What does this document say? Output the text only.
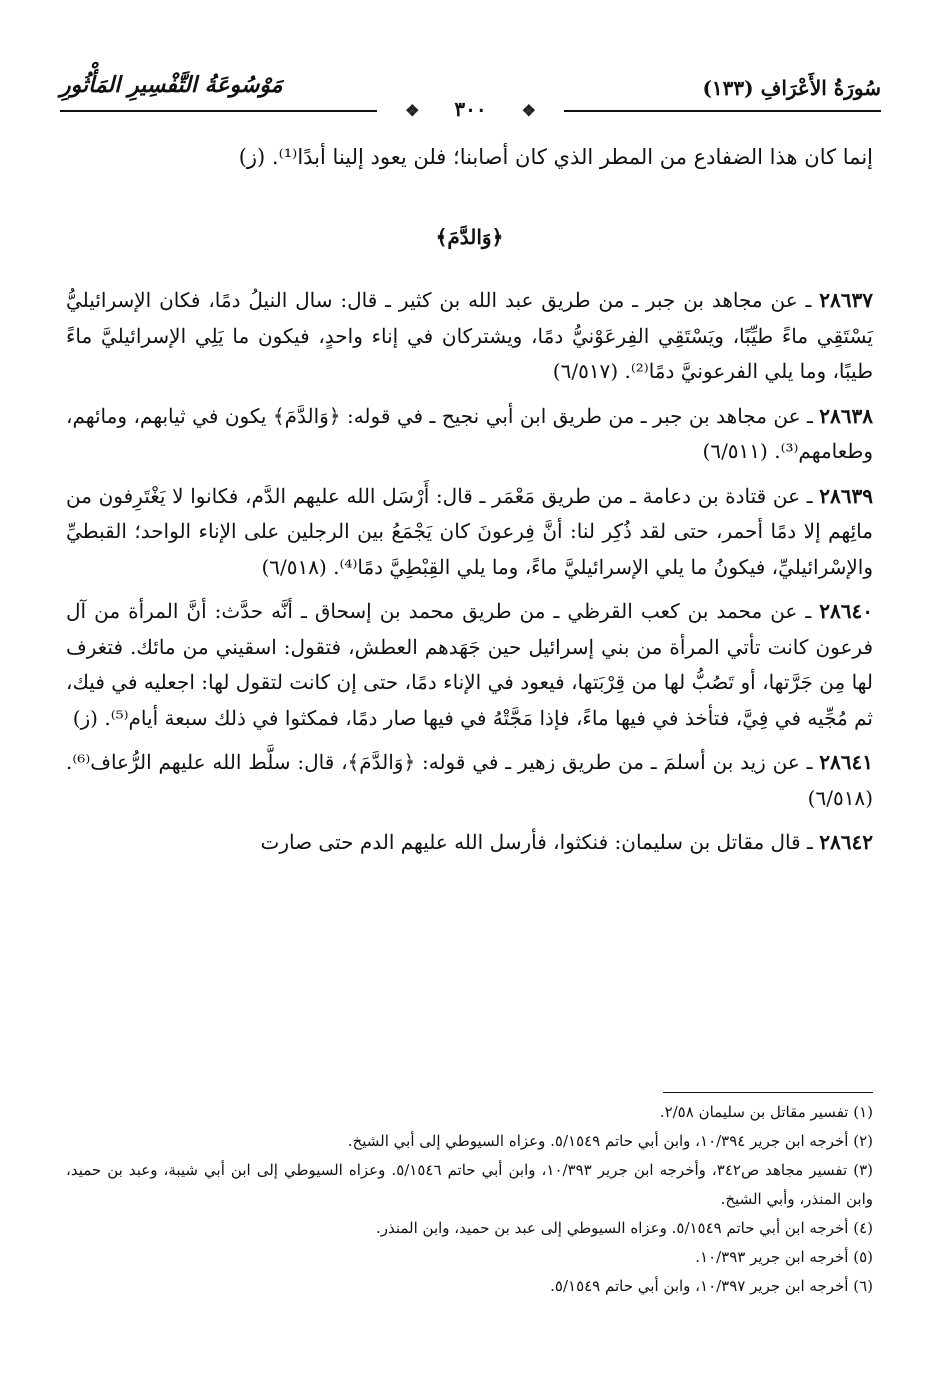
سُورَةُ الأَعْرَافِ (١٣٣)
مَوْسُوعَةُ التَّفْسِيرِ المَأْثُورِ
❖ ٣٠٠ ❖
إنما كان هذا الضفادع من المطر الذي كان أصابنا؛ فلن يعود إلينا أبدًا⁽¹⁾. (ز)
﴿وَالدَّمَ﴾
٢٨٦٣٧ ـ عن مجاهد بن جبر ـ من طريق عبد الله بن كثير ـ قال: سال النيلُ دمًا، فكان الإسرائيليُّ يَسْتَقِي ماءً طيِّبًا، ويَسْتَقِي الفِرعَوْنيُّ دمًا، ويشتركان في إناء واحدٍ، فيكون ما يَلِي الإسرائيليَّ ماءً طيبًا، وما يلي الفرعونيَّ دمًا⁽²⁾. (٦/٥١٧)
٢٨٦٣٨ ـ عن مجاهد بن جبر ـ من طريق ابن أبي نجيح ـ في قوله: ﴿وَالدَّمَ﴾ يكون في ثيابهم، ومائهم، وطعامهم⁽³⁾. (٦/٥١١)
٢٨٦٣٩ ـ عن قتادة بن دعامة ـ من طريق مَعْمَر ـ قال: أَرْسَل الله عليهم الدَّم، فكانوا لا يَغْتَرِفون من مائِهم إلا دمًا أحمر، حتى لقد ذُكِر لنا: أنَّ فِرعونَ كان يَجْمَعُ بين الرجلين على الإناء الواحد؛ القبطيِّ والإسْرائيليِّ، فيكونُ ما يلي الإسرائيليَّ ماءً، وما يلي القِبْطِيَّ دمًا⁽⁴⁾. (٦/٥١٨)
٢٨٦٤٠ ـ عن محمد بن كعب القرظي ـ من طريق محمد بن إسحاق ـ أنَّه حدَّث: أنَّ المرأة من آل فرعون كانت تأتي المرأة من بني إسرائيل حين جَهَدهم العطش، فتقول: اسقيني من مائك. فتغرف لها مِن جَرَّتها، أو تَصُبُّ لها من قِرْبَتها، فيعود في الإناء دمًا، حتى إن كانت لتقول لها: اجعليه في فيك، ثم مُجِّيه في فِيَّ، فتأخذ في فيها ماءً، فإذا مَجَّتْهُ في فيها صار دمًا، فمكثوا في ذلك سبعة أيام⁽⁵⁾. (ز)
٢٨٦٤١ ـ عن زيد بن أسلمَ ـ من طريق زهير ـ في قوله: ﴿وَالدَّمَ﴾، قال: سلَّط الله عليهم الرُّعاف⁽⁶⁾. (٦/٥١٨)
٢٨٦٤٢ ـ قال مقاتل بن سليمان: فنكثوا، فأرسل الله عليهم الدم حتى صارت
(١) تفسير مقاتل بن سليمان ٢/٥٨.
(٢) أخرجه ابن جرير ١٠/٣٩٤، وابن أبي حاتم ٥/١٥٤٩. وعزاه السيوطي إلى أبي الشيخ.
(٣) تفسير مجاهد ص٣٤٢، وأخرجه ابن جرير ١٠/٣٩٣، وابن أبي حاتم ٥/١٥٤٦. وعزاه السيوطي إلى ابن أبي شيبة، وعبد بن حميد، وابن المنذر، وأبي الشيخ.
(٤) أخرجه ابن أبي حاتم ٥/١٥٤٩. وعزاه السيوطي إلى عبد بن حميد، وابن المنذر.
(٥) أخرجه ابن جرير ١٠/٣٩٣.
(٦) أخرجه ابن جرير ١٠/٣٩٧، وابن أبي حاتم ٥/١٥٤٩.
